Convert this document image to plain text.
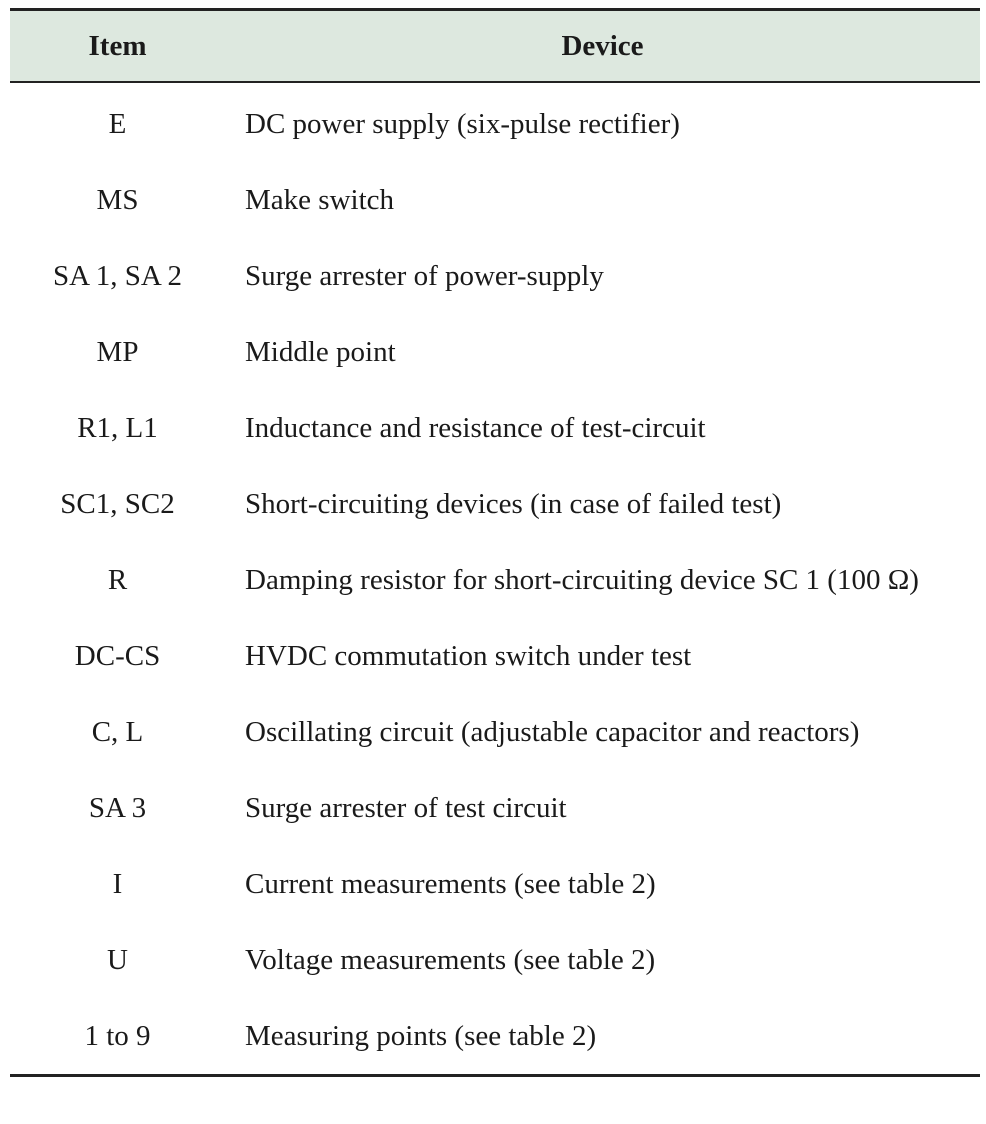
Item	Device
E	DC power supply (six-pulse rectifier)
MS	Make switch
SA 1, SA 2	Surge arrester of power-supply
MP	Middle point
R1, L1	Inductance and resistance of test-circuit
SC1, SC2	Short-circuiting devices (in case of failed test)
R	Damping resistor for short-circuiting device SC 1 (100 Ω)
DC-CS	HVDC commutation switch under test
C, L	Oscillating circuit (adjustable capacitor and reactors)
SA 3	Surge arrester of test circuit
I	Current measurements (see table 2)
U	Voltage measurements (see table 2)
1 to 9	Measuring points (see table 2)
